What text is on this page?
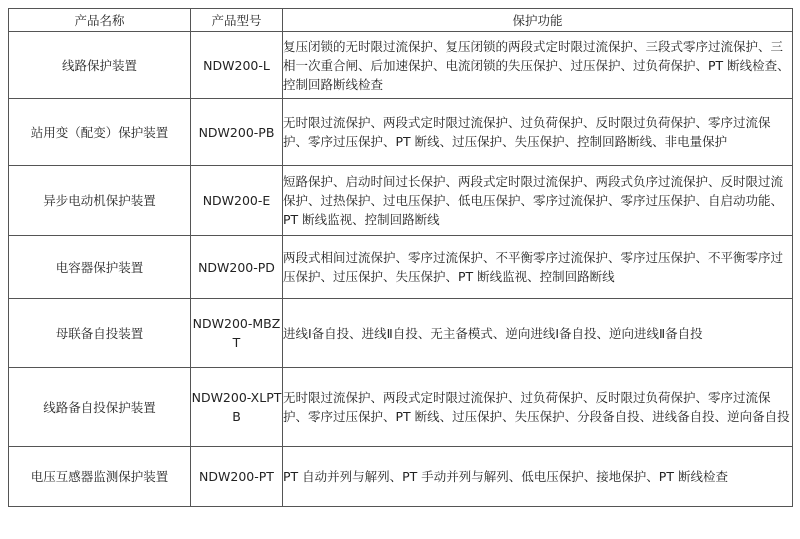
产品名称	产品型号	保护功能
线路保护装置	NDW200-L	复压闭锁的无时限过流保护、复压闭锁的两段式定时限过流保护、三段式零序过流保护、三相一次重合闸、后加速保护、电流闭锁的失压保护、过压保护、过负荷保护、PT 断线检查、控制回路断线检查
站用变（配变）保护装置	NDW200-PB	无时限过流保护、两段式定时限过流保护、过负荷保护、反时限过负荷保护、零序过流保护、零序过压保护、PT 断线、过压保护、失压保护、控制回路断线、非电量保护
异步电动机保护装置	NDW200-E	短路保护、启动时间过长保护、两段式定时限过流保护、两段式负序过流保护、反时限过流保护、过热保护、过电压保护、低电压保护、零序过流保护、零序过压保护、自启动功能、PT 断线监视、控制回路断线
电容器保护装置	NDW200-PD	两段式相间过流保护、零序过流保护、不平衡零序过流保护、零序过压保护、不平衡零序过压保护、过压保护、失压保护、PT 断线监视、控制回路断线
母联备自投装置	NDW200-MBZT	进线Ⅰ备自投、进线Ⅱ自投、无主备模式、逆向进线Ⅰ备自投、逆向进线Ⅱ备自投
线路备自投保护装置	NDW200-XLPTB	无时限过流保护、两段式定时限过流保护、过负荷保护、反时限过负荷保护、零序过流保护、零序过压保护、PT 断线、过压保护、失压保护、分段备自投、进线备自投、逆向备自投
电压互感器监测保护装置	NDW200-PT	PT 自动并列与解列、PT 手动并列与解列、低电压保护、接地保护、PT 断线检查
